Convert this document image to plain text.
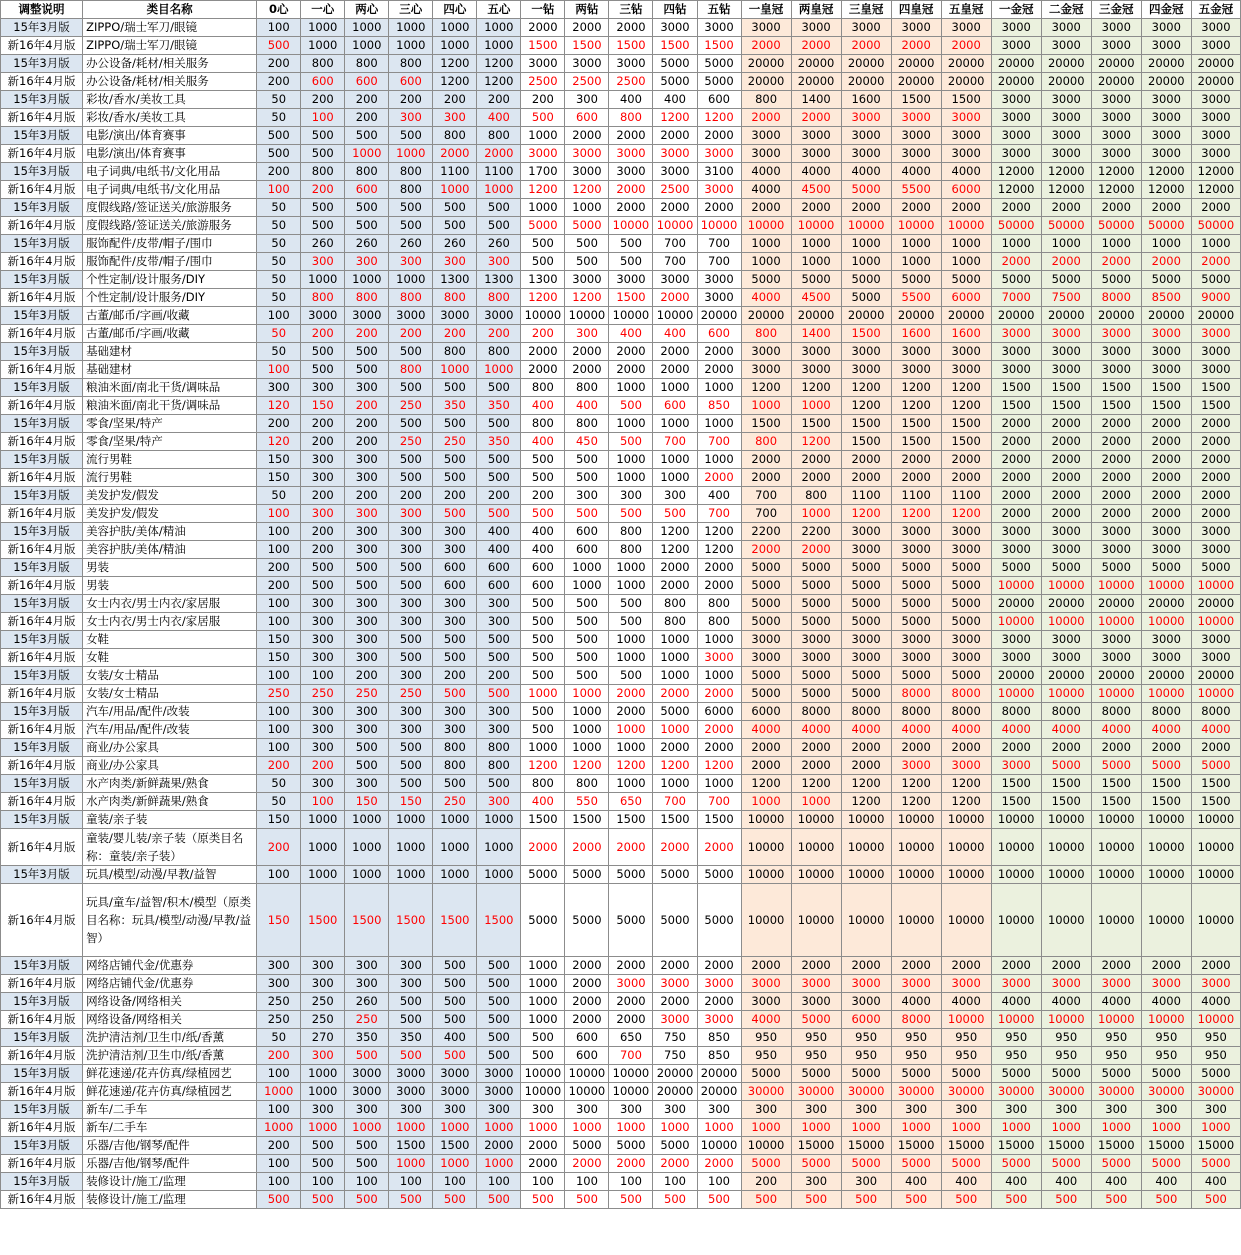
调整说明	类目名称	0心	一心	两心	三心	四心	五心	一钻	两钻	三钻	四钻	五钻	一皇冠	两皇冠	三皇冠	四皇冠	五皇冠	一金冠	二金冠	三金冠	四金冠	五金冠
15年3月版	ZIPPO/瑞士军刀/眼镜	100	1000	1000	1000	1000	1000	2000	2000	2000	3000	3000	3000	3000	3000	3000	3000	3000	3000	3000	3000	3000
新16年4月版	ZIPPO/瑞士军刀/眼镜	500	1000	1000	1000	1000	1000	1500	1500	1500	1500	1500	2000	2000	2000	2000	2000	3000	3000	3000	3000	3000
15年3月版	办公设备/耗材/相关服务	200	800	800	800	1200	1200	3000	3000	3000	5000	5000	20000	20000	20000	20000	20000	20000	20000	20000	20000	20000
新16年4月版	办公设备/耗材/相关服务	200	600	600	600	1200	1200	2500	2500	2500	5000	5000	20000	20000	20000	20000	20000	20000	20000	20000	20000	20000
15年3月版	彩妆/香水/美妆工具	50	200	200	200	200	200	200	300	400	400	600	800	1400	1600	1500	1500	3000	3000	3000	3000	3000
新16年4月版	彩妆/香水/美妆工具	50	100	200	300	300	400	500	600	800	1200	1200	2000	2000	3000	3000	3000	3000	3000	3000	3000	3000
15年3月版	电影/演出/体育赛事	500	500	500	500	800	800	1000	2000	2000	2000	2000	3000	3000	3000	3000	3000	3000	3000	3000	3000	3000
新16年4月版	电影/演出/体育赛事	500	500	1000	1000	2000	2000	3000	3000	3000	3000	3000	3000	3000	3000	3000	3000	3000	3000	3000	3000	3000
15年3月版	电子词典/电纸书/文化用品	200	800	800	800	1100	1100	1700	3000	3000	3000	3100	4000	4000	4000	4000	4000	12000	12000	12000	12000	12000
新16年4月版	电子词典/电纸书/文化用品	100	200	600	800	1000	1000	1200	1200	2000	2500	3000	4000	4500	5000	5500	6000	12000	12000	12000	12000	12000
15年3月版	度假线路/签证送关/旅游服务	50	500	500	500	500	500	1000	1000	2000	2000	2000	2000	2000	2000	2000	2000	2000	2000	2000	2000	2000
新16年4月版	度假线路/签证送关/旅游服务	50	500	500	500	500	500	5000	5000	10000	10000	10000	10000	10000	10000	10000	10000	50000	50000	50000	50000	50000
15年3月版	服饰配件/皮带/帽子/围巾	50	260	260	260	260	260	500	500	500	700	700	1000	1000	1000	1000	1000	1000	1000	1000	1000	1000
新16年4月版	服饰配件/皮带/帽子/围巾	50	300	300	300	300	300	500	500	500	700	700	1000	1000	1000	1000	1000	2000	2000	2000	2000	2000
15年3月版	个性定制/设计服务/DIY	50	1000	1000	1000	1300	1300	1300	3000	3000	3000	3000	5000	5000	5000	5000	5000	5000	5000	5000	5000	5000
新16年4月版	个性定制/设计服务/DIY	50	800	800	800	800	800	1200	1200	1500	2000	3000	4000	4500	5000	5500	6000	7000	7500	8000	8500	9000
15年3月版	古董/邮币/字画/收藏	100	3000	3000	3000	3000	3000	10000	10000	10000	10000	20000	20000	20000	20000	20000	20000	20000	20000	20000	20000	20000
新16年4月版	古董/邮币/字画/收藏	50	200	200	200	200	200	200	300	400	400	600	800	1400	1500	1600	1600	3000	3000	3000	3000	3000
15年3月版	基础建材	50	500	500	500	800	800	2000	2000	2000	2000	2000	3000	3000	3000	3000	3000	3000	3000	3000	3000	3000
新16年4月版	基础建材	100	500	500	800	1000	1000	2000	2000	2000	2000	2000	3000	3000	3000	3000	3000	3000	3000	3000	3000	3000
15年3月版	粮油米面/南北干货/调味品	300	300	300	500	500	500	800	800	1000	1000	1000	1200	1200	1200	1200	1200	1500	1500	1500	1500	1500
新16年4月版	粮油米面/南北干货/调味品	120	150	200	250	350	350	400	400	500	600	850	1000	1000	1200	1200	1200	1500	1500	1500	1500	1500
15年3月版	零食/坚果/特产	200	200	200	500	500	500	800	800	1000	1000	1000	1500	1500	1500	1500	1500	2000	2000	2000	2000	2000
新16年4月版	零食/坚果/特产	120	200	200	250	250	350	400	450	500	700	700	800	1200	1500	1500	1500	2000	2000	2000	2000	2000
15年3月版	流行男鞋	150	300	300	500	500	500	500	500	1000	1000	1000	2000	2000	2000	2000	2000	2000	2000	2000	2000	2000
新16年4月版	流行男鞋	150	300	300	500	500	500	500	500	1000	1000	2000	2000	2000	2000	2000	2000	2000	2000	2000	2000	2000
15年3月版	美发护发/假发	50	200	200	200	200	200	200	300	300	300	400	700	800	1100	1100	1100	2000	2000	2000	2000	2000
新16年4月版	美发护发/假发	100	300	300	300	500	500	500	500	500	500	700	700	1000	1200	1200	1200	2000	2000	2000	2000	2000
15年3月版	美容护肤/美体/精油	100	200	300	300	300	400	400	600	800	1200	1200	2200	2200	3000	3000	3000	3000	3000	3000	3000	3000
新16年4月版	美容护肤/美体/精油	100	200	300	300	300	400	400	600	800	1200	1200	2000	2000	3000	3000	3000	3000	3000	3000	3000	3000
15年3月版	男装	200	500	500	500	600	600	600	1000	1000	2000	2000	5000	5000	5000	5000	5000	5000	5000	5000	5000	5000
新16年4月版	男装	200	500	500	500	600	600	600	1000	1000	2000	2000	5000	5000	5000	5000	5000	10000	10000	10000	10000	10000
15年3月版	女士内衣/男士内衣/家居服	100	300	300	300	300	300	500	500	500	800	800	5000	5000	5000	5000	5000	20000	20000	20000	20000	20000
新16年4月版	女士内衣/男士内衣/家居服	100	300	300	300	300	300	500	500	500	800	800	5000	5000	5000	5000	5000	10000	10000	10000	10000	10000
15年3月版	女鞋	150	300	300	500	500	500	500	500	1000	1000	1000	3000	3000	3000	3000	3000	3000	3000	3000	3000	3000
新16年4月版	女鞋	150	300	300	500	500	500	500	500	1000	1000	3000	3000	3000	3000	3000	3000	3000	3000	3000	3000	3000
15年3月版	女装/女士精品	100	100	200	300	200	200	500	500	500	1000	1000	5000	5000	5000	5000	5000	20000	20000	20000	20000	20000
新16年4月版	女装/女士精品	250	250	250	250	500	500	1000	1000	2000	2000	2000	5000	5000	5000	8000	8000	10000	10000	10000	10000	10000
15年3月版	汽车/用品/配件/改装	100	300	300	300	300	300	500	1000	2000	5000	6000	6000	8000	8000	8000	8000	8000	8000	8000	8000	8000
新16年4月版	汽车/用品/配件/改装	100	300	300	300	300	300	500	1000	1000	1000	2000	4000	4000	4000	4000	4000	4000	4000	4000	4000	4000
15年3月版	商业/办公家具	100	300	500	500	800	800	1000	1000	1000	2000	2000	2000	2000	2000	2000	2000	2000	2000	2000	2000	2000
新16年4月版	商业/办公家具	200	200	500	500	800	800	1200	1200	1200	1200	1200	2000	2000	2000	3000	3000	3000	5000	5000	5000	5000
15年3月版	水产肉类/新鲜蔬果/熟食	50	300	300	500	500	500	800	800	1000	1000	1000	1200	1200	1200	1200	1200	1500	1500	1500	1500	1500
新16年4月版	水产肉类/新鲜蔬果/熟食	50	100	150	150	250	300	400	550	650	700	700	1000	1000	1200	1200	1200	1500	1500	1500	1500	1500
15年3月版	童装/亲子装	150	1000	1000	1000	1000	1000	1500	1500	1500	1500	1500	10000	10000	10000	10000	10000	10000	10000	10000	10000	10000
新16年4月版	童装/婴儿装/亲子装（原类目名称：童装/亲子装）	200	1000	1000	1000	1000	1000	2000	2000	2000	2000	2000	10000	10000	10000	10000	10000	10000	10000	10000	10000	10000
15年3月版	玩具/模型/动漫/早教/益智	100	1000	1000	1000	1000	1000	5000	5000	5000	5000	5000	10000	10000	10000	10000	10000	10000	10000	10000	10000	10000
新16年4月版	玩具/童车/益智/积木/模型（原类目名称：玩具/模型/动漫/早教/益智）	150	1500	1500	1500	1500	1500	5000	5000	5000	5000	5000	10000	10000	10000	10000	10000	10000	10000	10000	10000	10000
15年3月版	网络店铺代金/优惠券	300	300	300	300	500	500	1000	2000	2000	2000	2000	2000	2000	2000	2000	2000	2000	2000	2000	2000	2000
新16年4月版	网络店铺代金/优惠券	300	300	300	300	500	500	1000	2000	3000	3000	3000	3000	3000	3000	3000	3000	3000	3000	3000	3000	3000
15年3月版	网络设备/网络相关	250	250	260	500	500	500	1000	2000	2000	2000	2000	3000	3000	3000	4000	4000	4000	4000	4000	4000	4000
新16年4月版	网络设备/网络相关	250	250	250	500	500	500	1000	2000	2000	3000	3000	4000	5000	6000	8000	10000	10000	10000	10000	10000	10000
15年3月版	洗护清洁剂/卫生巾/纸/香薰	50	270	350	350	400	500	500	600	650	750	850	950	950	950	950	950	950	950	950	950	950
新16年4月版	洗护清洁剂/卫生巾/纸/香薰	200	300	500	500	500	500	500	600	700	750	850	950	950	950	950	950	950	950	950	950	950
15年3月版	鲜花速递/花卉仿真/绿植园艺	100	1000	3000	3000	3000	3000	10000	10000	10000	20000	20000	5000	5000	5000	5000	5000	5000	5000	5000	5000	5000
新16年4月版	鲜花速递/花卉仿真/绿植园艺	1000	1000	3000	3000	3000	3000	10000	10000	10000	20000	20000	30000	30000	30000	30000	30000	30000	30000	30000	30000	30000
15年3月版	新车/二手车	100	300	300	300	300	300	300	300	300	300	300	300	300	300	300	300	300	300	300	300	300
新16年4月版	新车/二手车	1000	1000	1000	1000	1000	1000	1000	1000	1000	1000	1000	1000	1000	1000	1000	1000	1000	1000	1000	1000	1000
15年3月版	乐器/吉他/钢琴/配件	200	500	500	1500	1500	2000	2000	5000	5000	5000	10000	10000	15000	15000	15000	15000	15000	15000	15000	15000	15000
新16年4月版	乐器/吉他/钢琴/配件	100	500	500	1000	1000	1000	2000	2000	2000	2000	2000	5000	5000	5000	5000	5000	5000	5000	5000	5000	5000
15年3月版	装修设计/施工/监理	100	100	100	100	100	100	100	100	100	100	100	200	300	300	400	400	400	400	400	400	400
新16年4月版	装修设计/施工/监理	500	500	500	500	500	500	500	500	500	500	500	500	500	500	500	500	500	500	500	500	500
